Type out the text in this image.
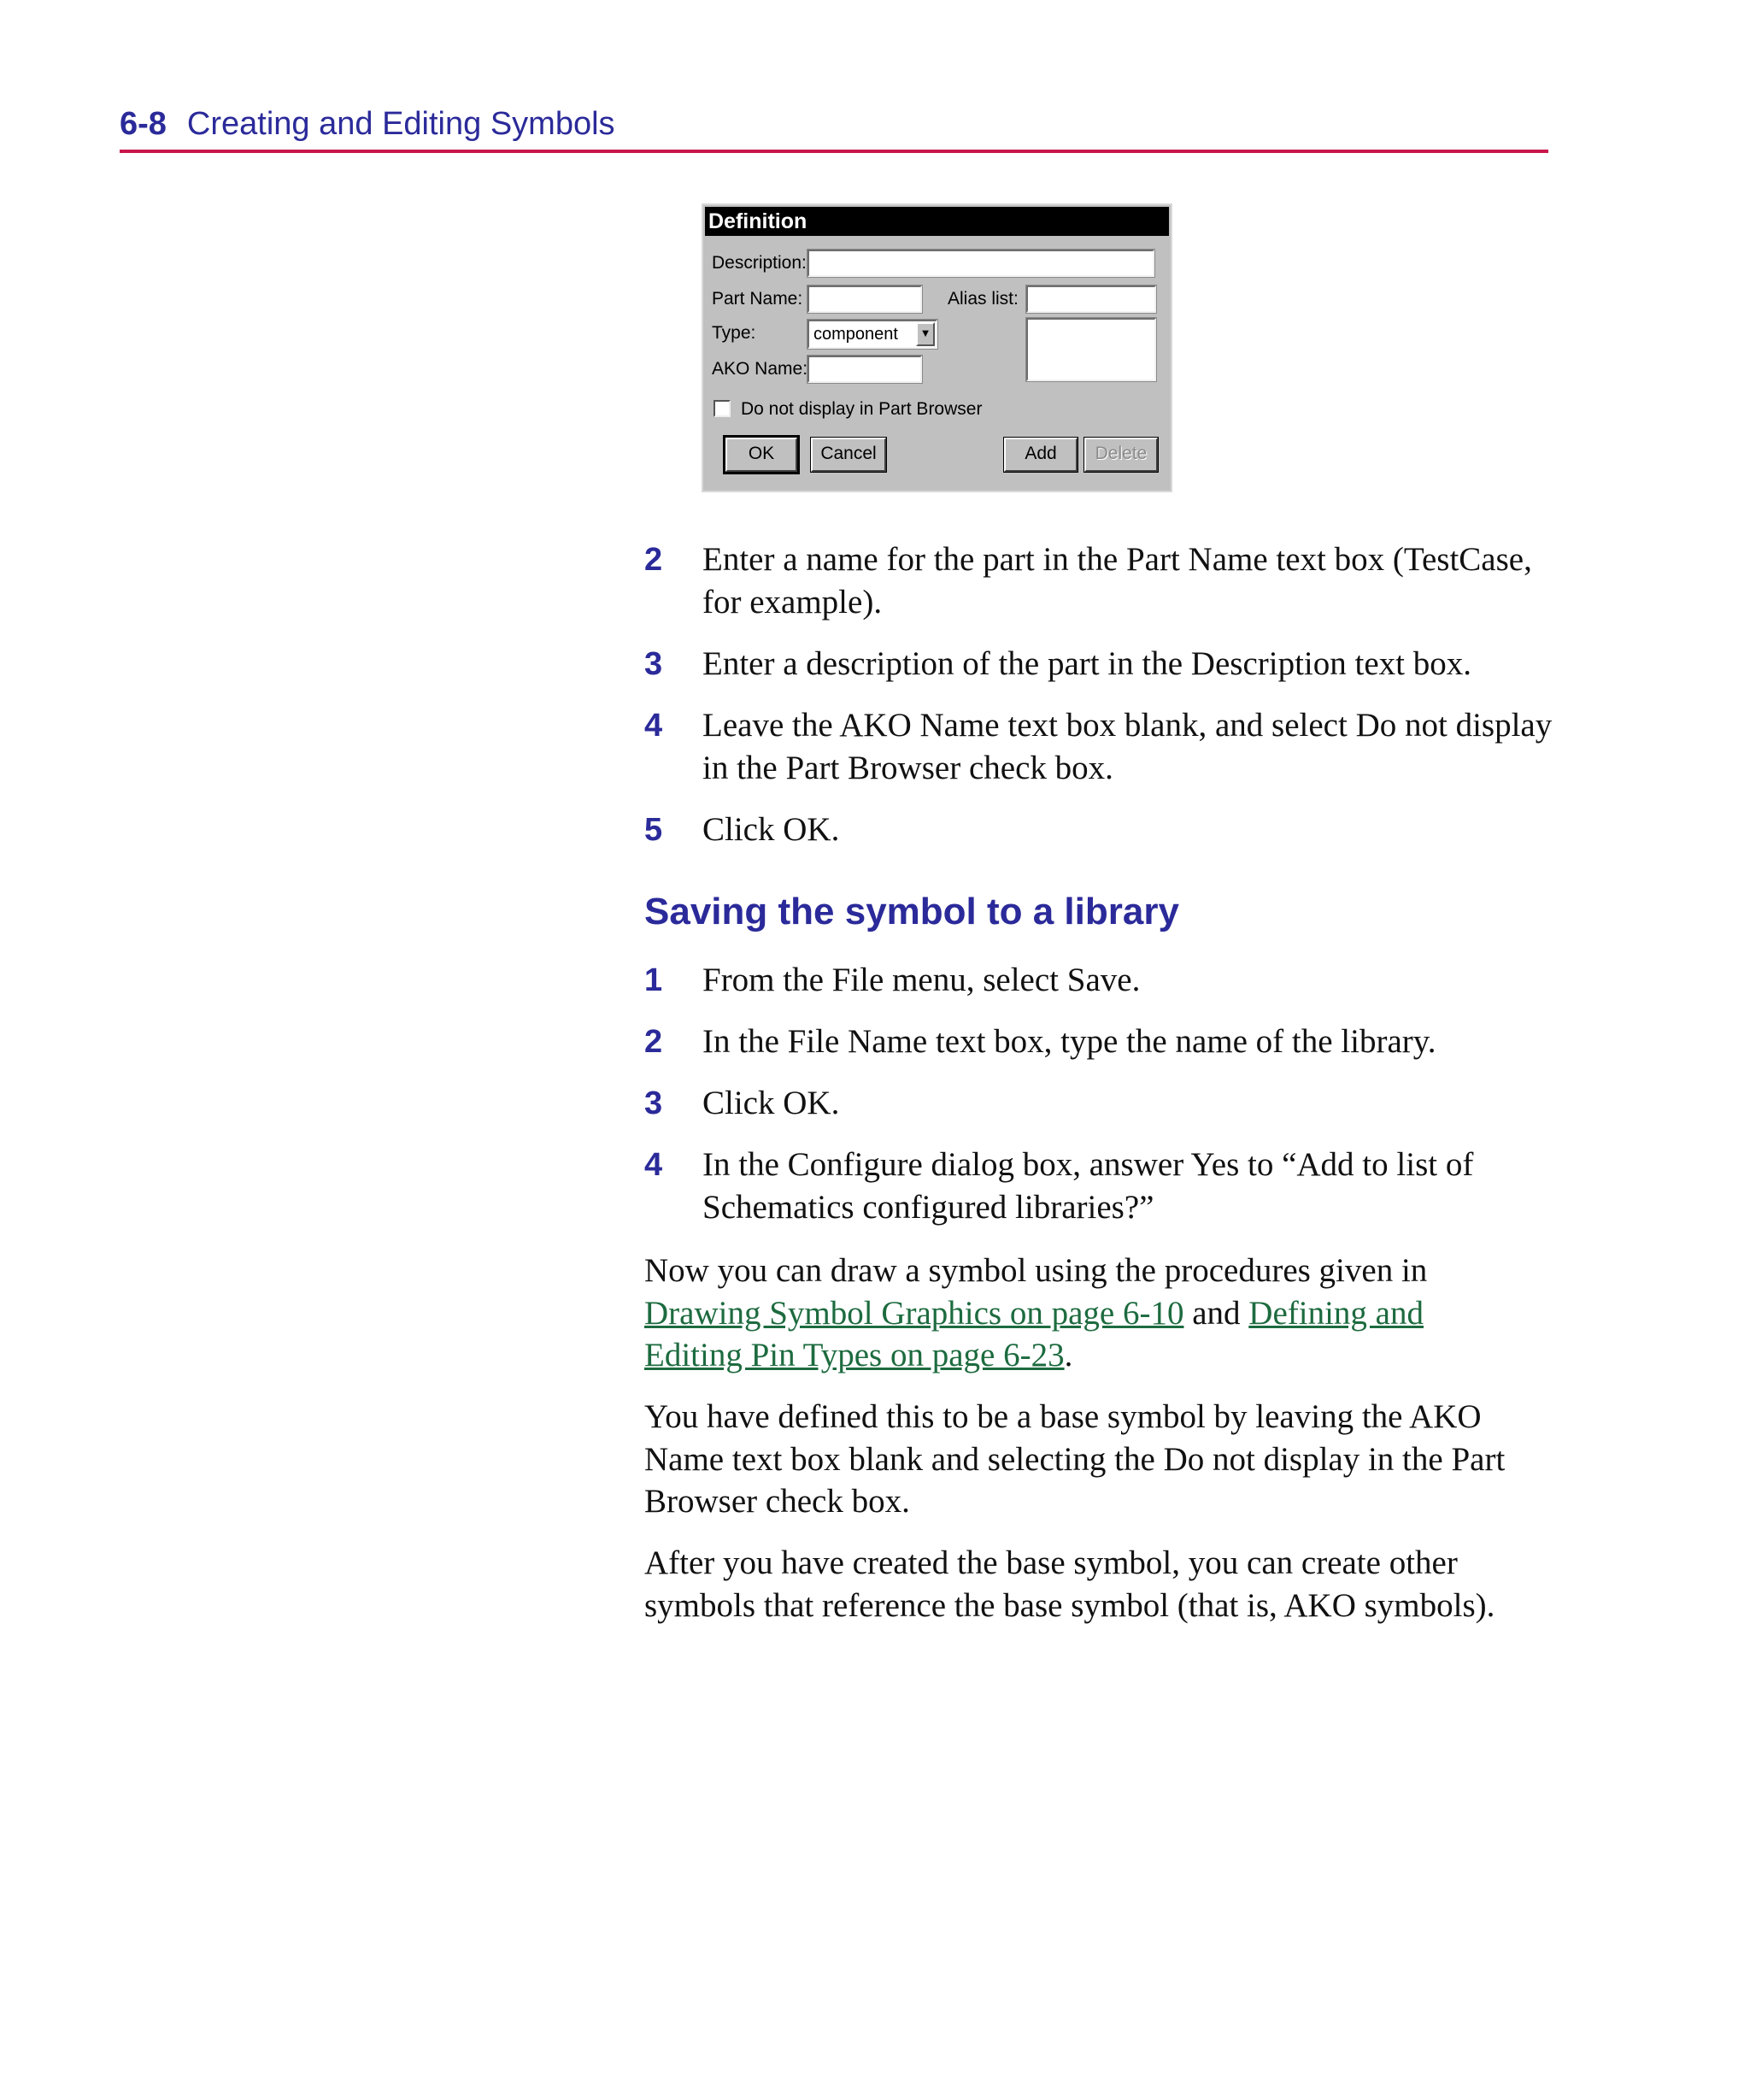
6-8 Creating and Editing Symbols
Definition
Description:
Part Name:	Alias list:
Type:	component	▼
AKO Name:
Do not display in Part Browser
OK	Cancel	Add	Delete
2 Enter a name for the part in the Part Name text box (TestCase, for example).
3 Enter a description of the part in the Description text box.
4 Leave the AKO Name text box blank, and select Do not display in the Part Browser check box.
5 Click OK.
Saving the symbol to a library
1 From the File menu, select Save.
2 In the File Name text box, type the name of the library.
3 Click OK.
4 In the Configure dialog box, answer Yes to “Add to list of Schematics configured libraries?”
Now you can draw a symbol using the procedures given in
Drawing Symbol Graphics on page 6-10 and Defining and
Editing Pin Types on page 6-23.
You have defined this to be a base symbol by leaving the AKO Name text box blank and selecting the Do not display in the Part Browser check box.
After you have created the base symbol, you can create other symbols that reference the base symbol (that is, AKO symbols).
